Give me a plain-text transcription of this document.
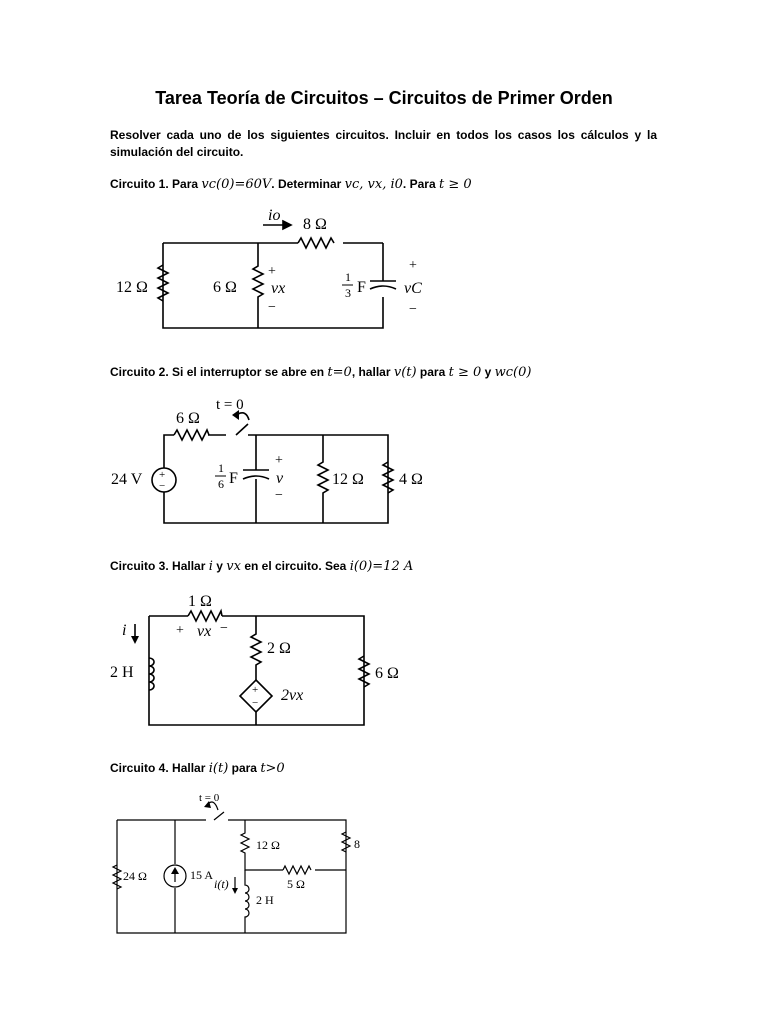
Tarea Teoría de Circuitos – Circuitos de Primer Orden
Resolver cada uno de los siguientes circuitos. Incluir en todos los casos los cálculos y la simulación del circuito.
Circuito 1. Para vc(0)=60V. Determinar vc, vx, i0. Para t ≥ 0
io
8 Ω
12 Ω	6 Ω
+
vx
−
1
3 F
+
vC
−
Circuito 2. Si el interruptor se abre en t=0, hallar v(t) para t ≥ 0 y wc(0)
t = 0
6 Ω
+
−
24 V
1
6 F
+
v
−
12 Ω 4 Ω
Circuito 3. Hallar i y vx en el circuito. Sea i(0)=12 A
1 Ω
+ vx −
i
2 H
2 Ω
+
− 2vx
6 Ω
Circuito 4. Hallar i(t) para t>0
t = 0
12 Ω	8
24 Ω	15 A
i(t)	5 Ω
2 H
